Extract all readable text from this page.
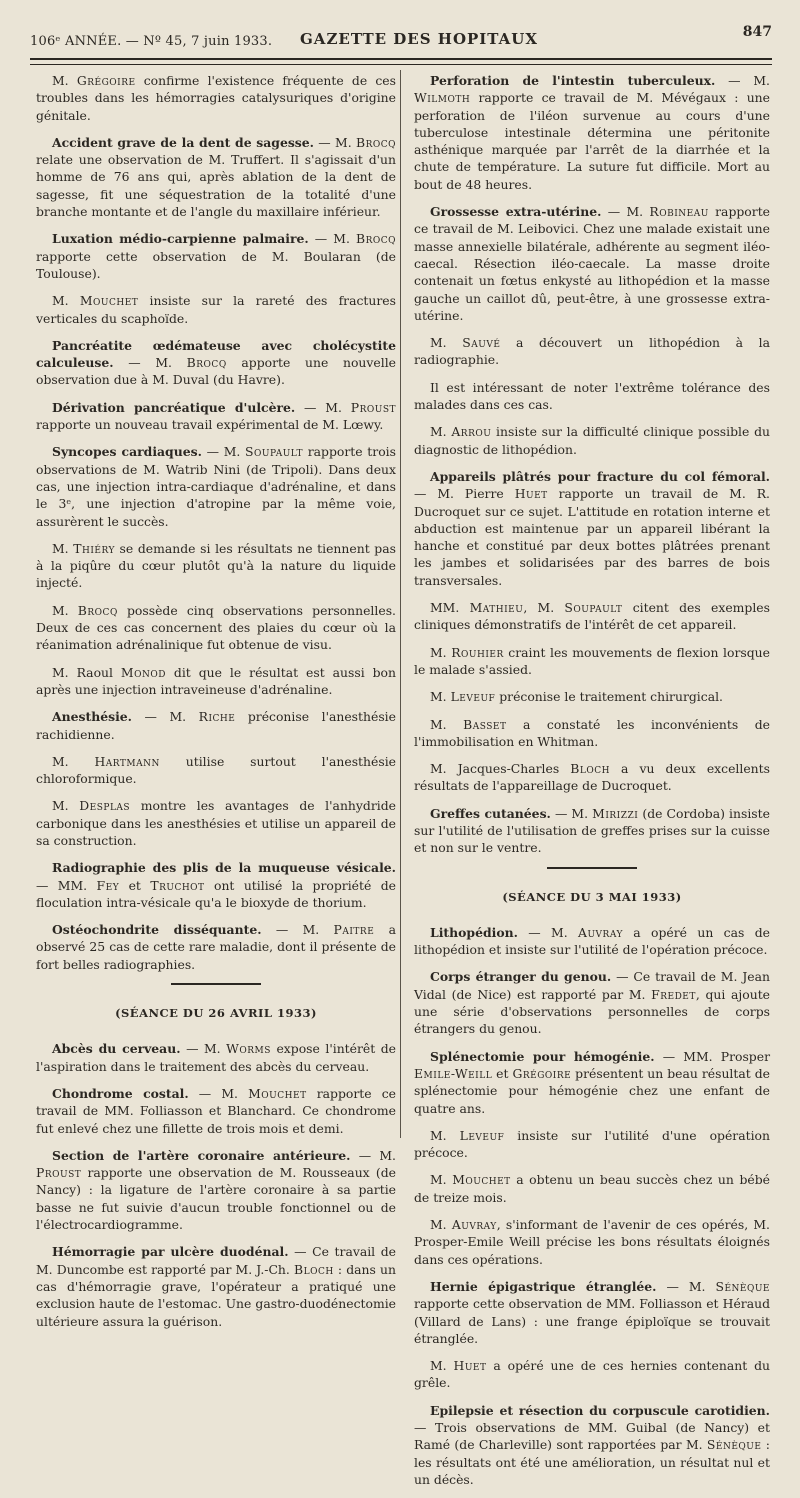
106ᵉ ANNÉE. — Nº 45, 7 juin 1933. GAZETTE DES HOPITAUX	847

M. Grégoire confirme l'existence fréquente de ces troubles dans les hémorragies catalysuriques d'origine génitale.

Accident grave de la dent de sagesse. — M. Brocq relate une observation de M. Truffert. Il s'agissait d'un homme de 76 ans qui, après ablation de la dent de sagesse, fit une séquestration de la totalité d'une branche montante et de l'angle du maxillaire inférieur.

Luxation médio-carpienne palmaire. — M. Brocq rapporte cette observation de M. Boularan (de Toulouse).

M. Mouchet insiste sur la rareté des fractures verticales du scaphoïde.

Pancréatite œdémateuse avec cholécystite calculeuse. — M. Brocq apporte une nouvelle observation due à M. Duval (du Havre).

Dérivation pancréatique d'ulcère. — M. Proust rapporte un nouveau travail expérimental de M. Lœwy.

Syncopes cardiaques. — M. Soupault rapporte trois observations de M. Watrib Nini (de Tripoli). Dans deux cas, une injection intra-cardiaque d'adrénaline, et dans le 3ᵉ, une injection d'atropine par la même voie, assurèrent le succès.

M. Thiéry se demande si les résultats ne tiennent pas à la piqûre du cœur plutôt qu'à la nature du liquide injecté.

M. Brocq possède cinq observations personnelles. Deux de ces cas concernent des plaies du cœur où la réanimation adrénalinique fut obtenue de visu.

M. Raoul Monod dit que le résultat est aussi bon après une injection intraveineuse d'adrénaline.

Anesthésie. — M. Riche préconise l'anesthésie rachidienne.

M. Hartmann utilise surtout l'anesthésie chloroformique.

M. Desplas montre les avantages de l'anhydride carbonique dans les anesthésies et utilise un appareil de sa construction.

Radiographie des plis de la muqueuse vésicale. — MM. Fey et Truchot ont utilisé la propriété de floculation intra-vésicale qu'a le bioxyde de thorium.

Ostéochondrite disséquante. — M. Paitre a observé 25 cas de cette rare maladie, dont il présente de fort belles radiographies.

(SÉANCE DU 26 AVRIL 1933)

Abcès du cerveau. — M. Worms expose l'intérêt de l'aspiration dans le traitement des abcès du cerveau.

Chondrome costal. — M. Mouchet rapporte ce travail de MM. Folliasson et Blanchard. Ce chondrome fut enlevé chez une fillette de trois mois et demi.

Section de l'artère coronaire antérieure. — M. Proust rapporte une observation de M. Rousseaux (de Nancy) : la ligature de l'artère coronaire à sa partie basse ne fut suivie d'aucun trouble fonctionnel ou de l'électrocardiogramme.

Hémorragie par ulcère duodénal. — Ce travail de M. Duncombe est rapporté par M. J.-Ch. Bloch : dans un cas d'hémorragie grave, l'opérateur a pratiqué une exclusion haute de l'estomac. Une gastro-duodénectomie ultérieure assura la guérison.

Perforation de l'intestin tuberculeux. — M. Wilmoth rapporte ce travail de M. Mévégaux : une perforation de l'iléon survenue au cours d'une tuberculose intestinale détermina une péritonite asthénique marquée par l'arrêt de la diarrhée et la chute de température. La suture fut difficile. Mort au bout de 48 heures.

Grossesse extra-utérine. — M. Robineau rapporte ce travail de M. Leibovici. Chez une malade existait une masse annexielle bilatérale, adhérente au segment iléo-caecal. Résection iléo-caecale. La masse droite contenait un fœtus enkysté au lithopédion et la masse gauche un caillot dû, peut-être, à une grossesse extra-utérine.

M. Sauvé a découvert un lithopédion à la radiographie.

Il est intéressant de noter l'extrême tolérance des malades dans ces cas.

M. Arrou insiste sur la difficulté clinique possible du diagnostic de lithopédion.

Appareils plâtrés pour fracture du col fémoral. — M. Pierre Huet rapporte un travail de M. R. Ducroquet sur ce sujet. L'attitude en rotation interne et abduction est maintenue par un appareil libérant la hanche et constitué par deux bottes plâtrées prenant les jambes et solidarisées par des barres de bois transversales.

MM. Mathieu, M. Soupault citent des exemples cliniques démonstratifs de l'intérêt de cet appareil.

M. Rouhier craint les mouvements de flexion lorsque le malade s'assied.

M. Leveuf préconise le traitement chirurgical.

M. Basset a constaté les inconvénients de l'immobilisation en Whitman.

M. Jacques-Charles Bloch a vu deux excellents résultats de l'appareillage de Ducroquet.

Greffes cutanées. — M. Mirizzi (de Cordoba) insiste sur l'utilité de l'utilisation de greffes prises sur la cuisse et non sur le ventre.

(SÉANCE DU 3 MAI 1933)

Lithopédion. — M. Auvray a opéré un cas de lithopédion et insiste sur l'utilité de l'opération précoce.

Corps étranger du genou. — Ce travail de M. Jean Vidal (de Nice) est rapporté par M. Fredet, qui ajoute une série d'observations personnelles de corps étrangers du genou.

Splénectomie pour hémogénie. — MM. Prosper Emile-Weill et Grégoire présentent un beau résultat de splénectomie pour hémogénie chez une enfant de quatre ans.

M. Leveuf insiste sur l'utilité d'une opération précoce.

M. Mouchet a obtenu un beau succès chez un bébé de treize mois.

M. Auvray, s'informant de l'avenir de ces opérés, M. Prosper-Emile Weill précise les bons résultats éloignés dans ces opérations.

Hernie épigastrique étranglée. — M. Sénèque rapporte cette observation de MM. Folliasson et Héraud (Villard de Lans) : une frange épiploïque se trouvait étranglée.

M. Huet a opéré une de ces hernies contenant du grêle.

Epilepsie et résection du corpuscule carotidien. — Trois observations de MM. Guibal (de Nancy) et Ramé (de Charleville) sont rapportées par M. Sénèque : les résultats ont été une amélioration, un résultat nul et un décès.
